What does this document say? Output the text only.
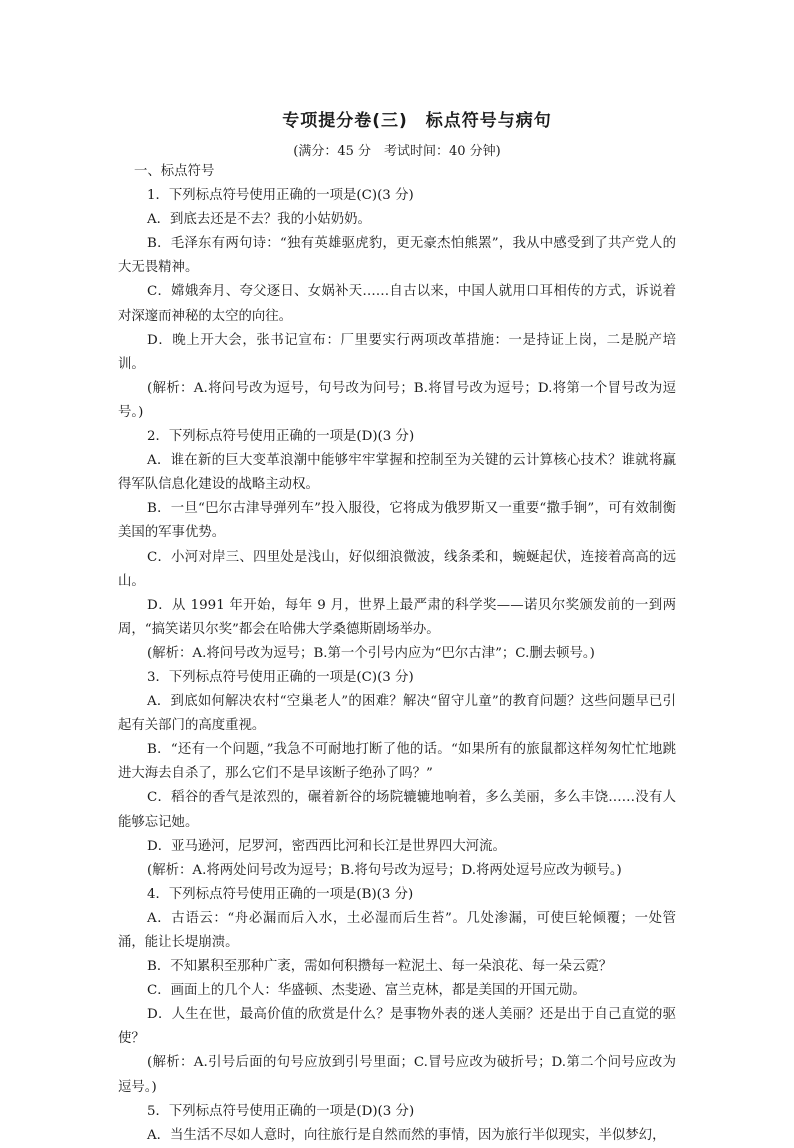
专项提分卷(三)　标点符号与病句
(满分：45 分　考试时间：40 分钟)

一、标点符号

1．下列标点符号使用正确的一项是(C)(3 分)

A．到底去还是不去？我的小姑奶奶。

B．毛泽东有两句诗：“独有英雄驱虎豹，更无豪杰怕熊罴”，我从中感受到了共产党人的大无畏精神。

C．嫦娥奔月、夸父逐日、女娲补天……自古以来，中国人就用口耳相传的方式，诉说着对深邃而神秘的太空的向往。

D．晚上开大会，张书记宣布：厂里要实行两项改革措施：一是持证上岗，二是脱产培训。

(解析：A.将问号改为逗号，句号改为问号；B.将冒号改为逗号；D.将第一个冒号改为逗号。)

2．下列标点符号使用正确的一项是(D)(3 分)

A．谁在新的巨大变革浪潮中能够牢牢掌握和控制至为关键的云计算核心技术？谁就将赢得军队信息化建设的战略主动权。

B．一旦“巴尔古津导弹列车”投入服役，它将成为俄罗斯又一重要“撒手锏”，可有效制衡美国的军事优势。

C．小河对岸三、四里处是浅山，好似细浪微波，线条柔和，蜿蜒起伏，连接着高高的远山。

D．从 1991 年开始，每年 9 月，世界上最严肃的科学奖——诺贝尔奖颁发前的一到两周，“搞笑诺贝尔奖”都会在哈佛大学桑德斯剧场举办。

(解析：A.将问号改为逗号；B.第一个引号内应为“巴尔古津”；C.删去顿号。)

3．下列标点符号使用正确的一项是(C)(3 分)

A．到底如何解决农村“空巢老人”的困难？解决“留守儿童”的教育问题？这些问题早已引起有关部门的高度重视。

B．“还有一个问题，”我急不可耐地打断了他的话。“如果所有的旅鼠都这样匆匆忙忙地跳进大海去自杀了，那么它们不是早该断子绝孙了吗？”

C．稻谷的香气是浓烈的，碾着新谷的场院辘辘地响着，多么美丽，多么丰饶……没有人能够忘记她。

D．亚马逊河，尼罗河，密西西比河和长江是世界四大河流。

(解析：A.将两处问号改为逗号；B.将句号改为逗号；D.将两处逗号应改为顿号。)

4．下列标点符号使用正确的一项是(B)(3 分)

A．古语云：“舟必漏而后入水，土必湿而后生苔”。几处渗漏，可使巨轮倾覆；一处管涌，能让长堤崩溃。

B．不知累积至那种广袤，需如何积攒每一粒泥土、每一朵浪花、每一朵云霓？

C．画面上的几个人：华盛顿、杰斐逊、富兰克林，都是美国的开国元勋。

D．人生在世，最高价值的欣赏是什么？是事物外表的迷人美丽？还是出于自己直觉的驱使？

(解析：A.引号后面的句号应放到引号里面；C.冒号应改为破折号；D.第二个问号应改为逗号。)

5．下列标点符号使用正确的一项是(D)(3 分)

A．当生活不尽如人意时，向往旅行是自然而然的事情，因为旅行半似现实，半似梦幻，
